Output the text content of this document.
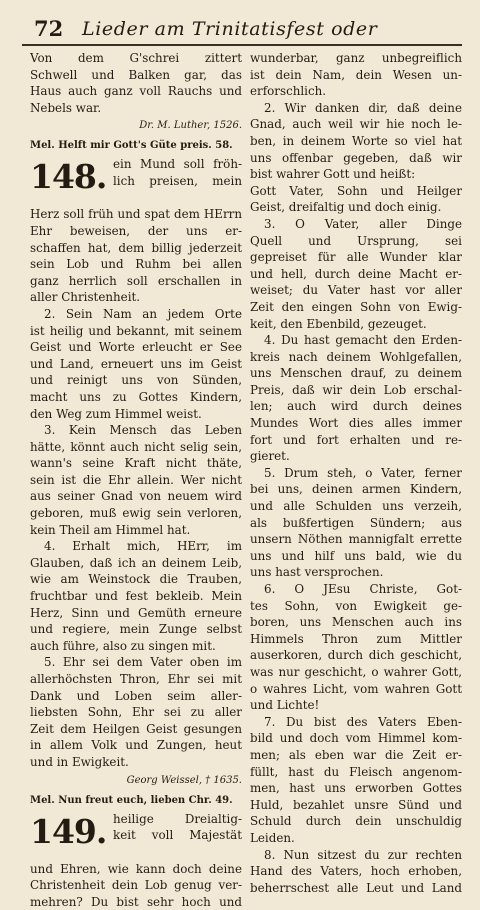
72 Lieder am Trinitatisfest oder
Von dem G'schrei zittert
Schwell und Balken gar, das
Haus auch ganz voll Rauchs und
Nebels war.
Dr. M. Luther, 1526.
Mel. Helft mir Gott's Güte preis. 58.
148. ein Mund soll fröh-
lich preisen, mein
Herz soll früh und spat dem HErrn
Ehr beweisen, der uns er-
schaffen hat, dem billig jederzeit
sein Lob und Ruhm bei allen
ganz herrlich soll erschallen in
aller Christenheit.
2. Sein Nam an jedem Orte
ist heilig und bekannt, mit seinem
Geist und Worte erleucht er See
und Land, erneuert uns im Geist
und reinigt uns von Sünden,
macht uns zu Gottes Kindern,
den Weg zum Himmel weist.
3. Kein Mensch das Leben
hätte, könnt auch nicht selig sein,
wann's seine Kraft nicht thäte,
sein ist die Ehr allein. Wer nicht
aus seiner Gnad von neuem wird
geboren, muß ewig sein verloren,
kein Theil am Himmel hat.
4. Erhalt mich, HErr, im
Glauben, daß ich an deinem Leib,
wie am Weinstock die Trauben,
fruchtbar und fest bekleib. Mein
Herz, Sinn und Gemüth erneure
und regiere, mein Zunge selbst
auch führe, also zu singen mit.
5. Ehr sei dem Vater oben im
allerhöchsten Thron, Ehr sei mit
Dank und Loben seim aller-
liebsten Sohn, Ehr sei zu aller
Zeit dem Heilgen Geist gesungen
in allem Volk und Zungen, heut
und in Ewigkeit.
Georg Weissel, † 1635.
Mel. Nun freut euch, lieben Chr. 49.
149. heilige Dreialtig-
keit voll Majestät
und Ehren, wie kann doch deine
Christenheit dein Lob genug ver-
mehren? Du bist sehr hoch und
wunderbar, ganz unbegreiflich
ist dein Nam, dein Wesen un-
erforschlich.
2. Wir danken dir, daß deine
Gnad, auch weil wir hie noch le-
ben, in deinem Worte so viel hat
uns offenbar gegeben, daß wir
bist wahrer Gott und heißt:
Gott Vater, Sohn und Heilger
Geist, dreifaltig und doch einig.
3. O Vater, aller Dinge
Quell und Ursprung, sei
gepreiset für alle Wunder klar
und hell, durch deine Macht er-
weiset; du Vater hast vor aller
Zeit den eingen Sohn von Ewig-
keit, den Ebenbild, gezeuget.
4. Du hast gemacht den Erden-
kreis nach deinem Wohlgefallen,
uns Menschen drauf, zu deinem
Preis, daß wir dein Lob erschal-
len; auch wird durch deines
Mundes Wort dies alles immer
fort und fort erhalten und re-
gieret.
5. Drum steh, o Vater, ferner
bei uns, deinen armen Kindern,
und alle Schulden uns verzeih,
als bußfertigen Sündern; aus
unsern Nöthen mannigfalt errette
uns und hilf uns bald, wie du
uns hast versprochen.
6. O JEsu Christe, Got-
tes Sohn, von Ewigkeit ge-
boren, uns Menschen auch ins
Himmels Thron zum Mittler
auserkoren, durch dich geschicht,
was nur geschicht, o wahrer Gott,
o wahres Licht, vom wahren Gott
und Lichte!
7. Du bist des Vaters Eben-
bild und doch vom Himmel kom-
men; als eben war die Zeit er-
füllt, hast du Fleisch angenom-
men, hast uns erworben Gottes
Huld, bezahlet unsre Sünd und
Schuld durch dein unschuldig
Leiden.
8. Nun sitzest du zur rechten
Hand des Vaters, hoch erhoben,
beherrschest alle Leut und Land
